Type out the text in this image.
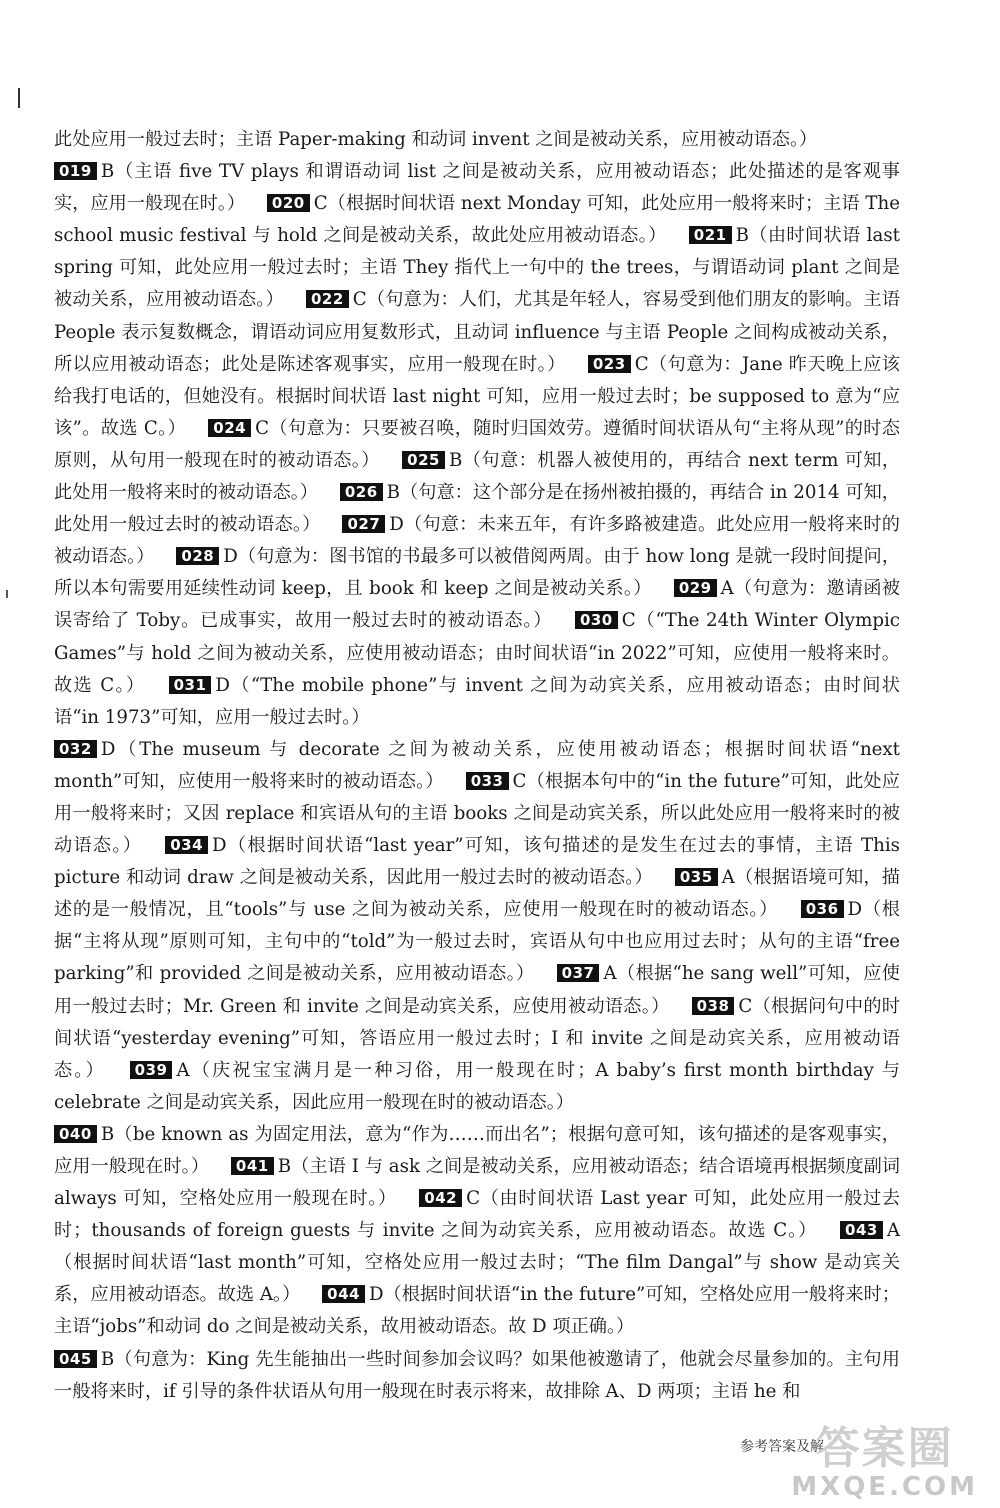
此处应用一般过去时；主语 Paper-making 和动词 invent 之间是被动关系，应用被动语态。）
019 B（主语 five TV plays 和谓语动词 list 之间是被动关系，应用被动语态；此处描述的是客观事实，应用一般现在时。） 020 C（根据时间状语 next Monday 可知，此处应用一般将来时；主语 The school music festival 与 hold 之间是被动关系，故此处应用被动语态。） 021 B（由时间状语 last spring 可知，此处应用一般过去时；主语 They 指代上一句中的 the trees，与谓语动词 plant 之间是被动关系，应用被动语态。） 022 C（句意为：人们，尤其是年轻人，容易受到他们朋友的影响。主语 People 表示复数概念，谓语动词应用复数形式，且动词 influence 与主语 People 之间构成被动关系，所以应用被动语态；此处是陈述客观事实，应用一般现在时。） 023 C（句意为：Jane 昨天晚上应该给我打电话的，但她没有。根据时间状语 last night 可知，应用一般过去时；be supposed to 意为“应该”。故选 C。） 024 C（句意为：只要被召唤，随时归国效劳。遵循时间状语从句“主将从现”的时态原则，从句用一般现在时的被动语态。） 025 B（句意：机器人被使用的，再结合 next term 可知，此处用一般将来时的被动语态。） 026 B（句意：这个部分是在扬州被拍摄的，再结合 in 2014 可知，此处用一般过去时的被动语态。） 027 D（句意：未来五年，有许多路被建造。此处应用一般将来时的被动语态。） 028 D（句意为：图书馆的书最多可以被借阅两周。由于 how long 是就一段时间提问，所以本句需要用延续性动词 keep，且 book 和 keep 之间是被动关系。） 029 A（句意为：邀请函被误寄给了 Toby。已成事实，故用一般过去时的被动语态。） 030 C（“The 24th Winter Olympic Games”与 hold 之间为被动关系，应使用被动语态；由时间状语“in 2022”可知，应使用一般将来时。故选 C。） 031 D（“The mobile phone”与 invent 之间为动宾关系，应用被动语态；由时间状语“in 1973”可知，应用一般过去时。）
032 D（The museum 与 decorate 之间为被动关系，应使用被动语态；根据时间状语“next month”可知，应使用一般将来时的被动语态。） 033 C（根据本句中的“in the future”可知，此处应用一般将来时；又因 replace 和宾语从句的主语 books 之间是动宾关系，所以此处应用一般将来时的被动语态。） 034 D（根据时间状语“last year”可知，该句描述的是发生在过去的事情，主语 This picture 和动词 draw 之间是被动关系，因此用一般过去时的被动语态。） 035 A（根据语境可知，描述的是一般情况，且“tools”与 use 之间为被动关系，应使用一般现在时的被动语态。） 036 D（根据“主将从现”原则可知，主句中的“told”为一般过去时，宾语从句中也应用过去时；从句的主语“free parking”和 provided 之间是被动关系，应用被动语态。） 037 A（根据“he sang well”可知，应使用一般过去时；Mr. Green 和 invite 之间是动宾关系，应使用被动语态。） 038 C（根据问句中的时间状语“yesterday evening”可知，答语应用一般过去时；I 和 invite 之间是动宾关系，应用被动语态。） 039 A（庆祝宝宝满月是一种习俗，用一般现在时；A baby’s first month birthday 与 celebrate 之间是动宾关系，因此应用一般现在时的被动语态。）
040 B（be known as 为固定用法，意为“作为……而出名”；根据句意可知，该句描述的是客观事实，应用一般现在时。） 041 B（主语 I 与 ask 之间是被动关系，应用被动语态；结合语境再根据频度副词 always 可知，空格处应用一般现在时。） 042 C（由时间状语 Last year 可知，此处应用一般过去时；thousands of foreign guests 与 invite 之间为动宾关系，应用被动语态。故选 C。） 043 A（根据时间状语“last month”可知，空格处应用一般过去时；“The film Dangal”与 show 是动宾关系，应用被动语态。故选 A。） 044 D（根据时间状语“in the future”可知，空格处应用一般将来时；主语“jobs”和动词 do 之间是被动关系，故用被动语态。故 D 项正确。）
045 B（句意为：King 先生能抽出一些时间参加会议吗？如果他被邀请了，他就会尽量参加的。主句用一般将来时，if 引导的条件状语从句用一般现在时表示将来，故排除 A、D 两项；主语 he 和
参考答案及解
答案圈
MXQE.COM
